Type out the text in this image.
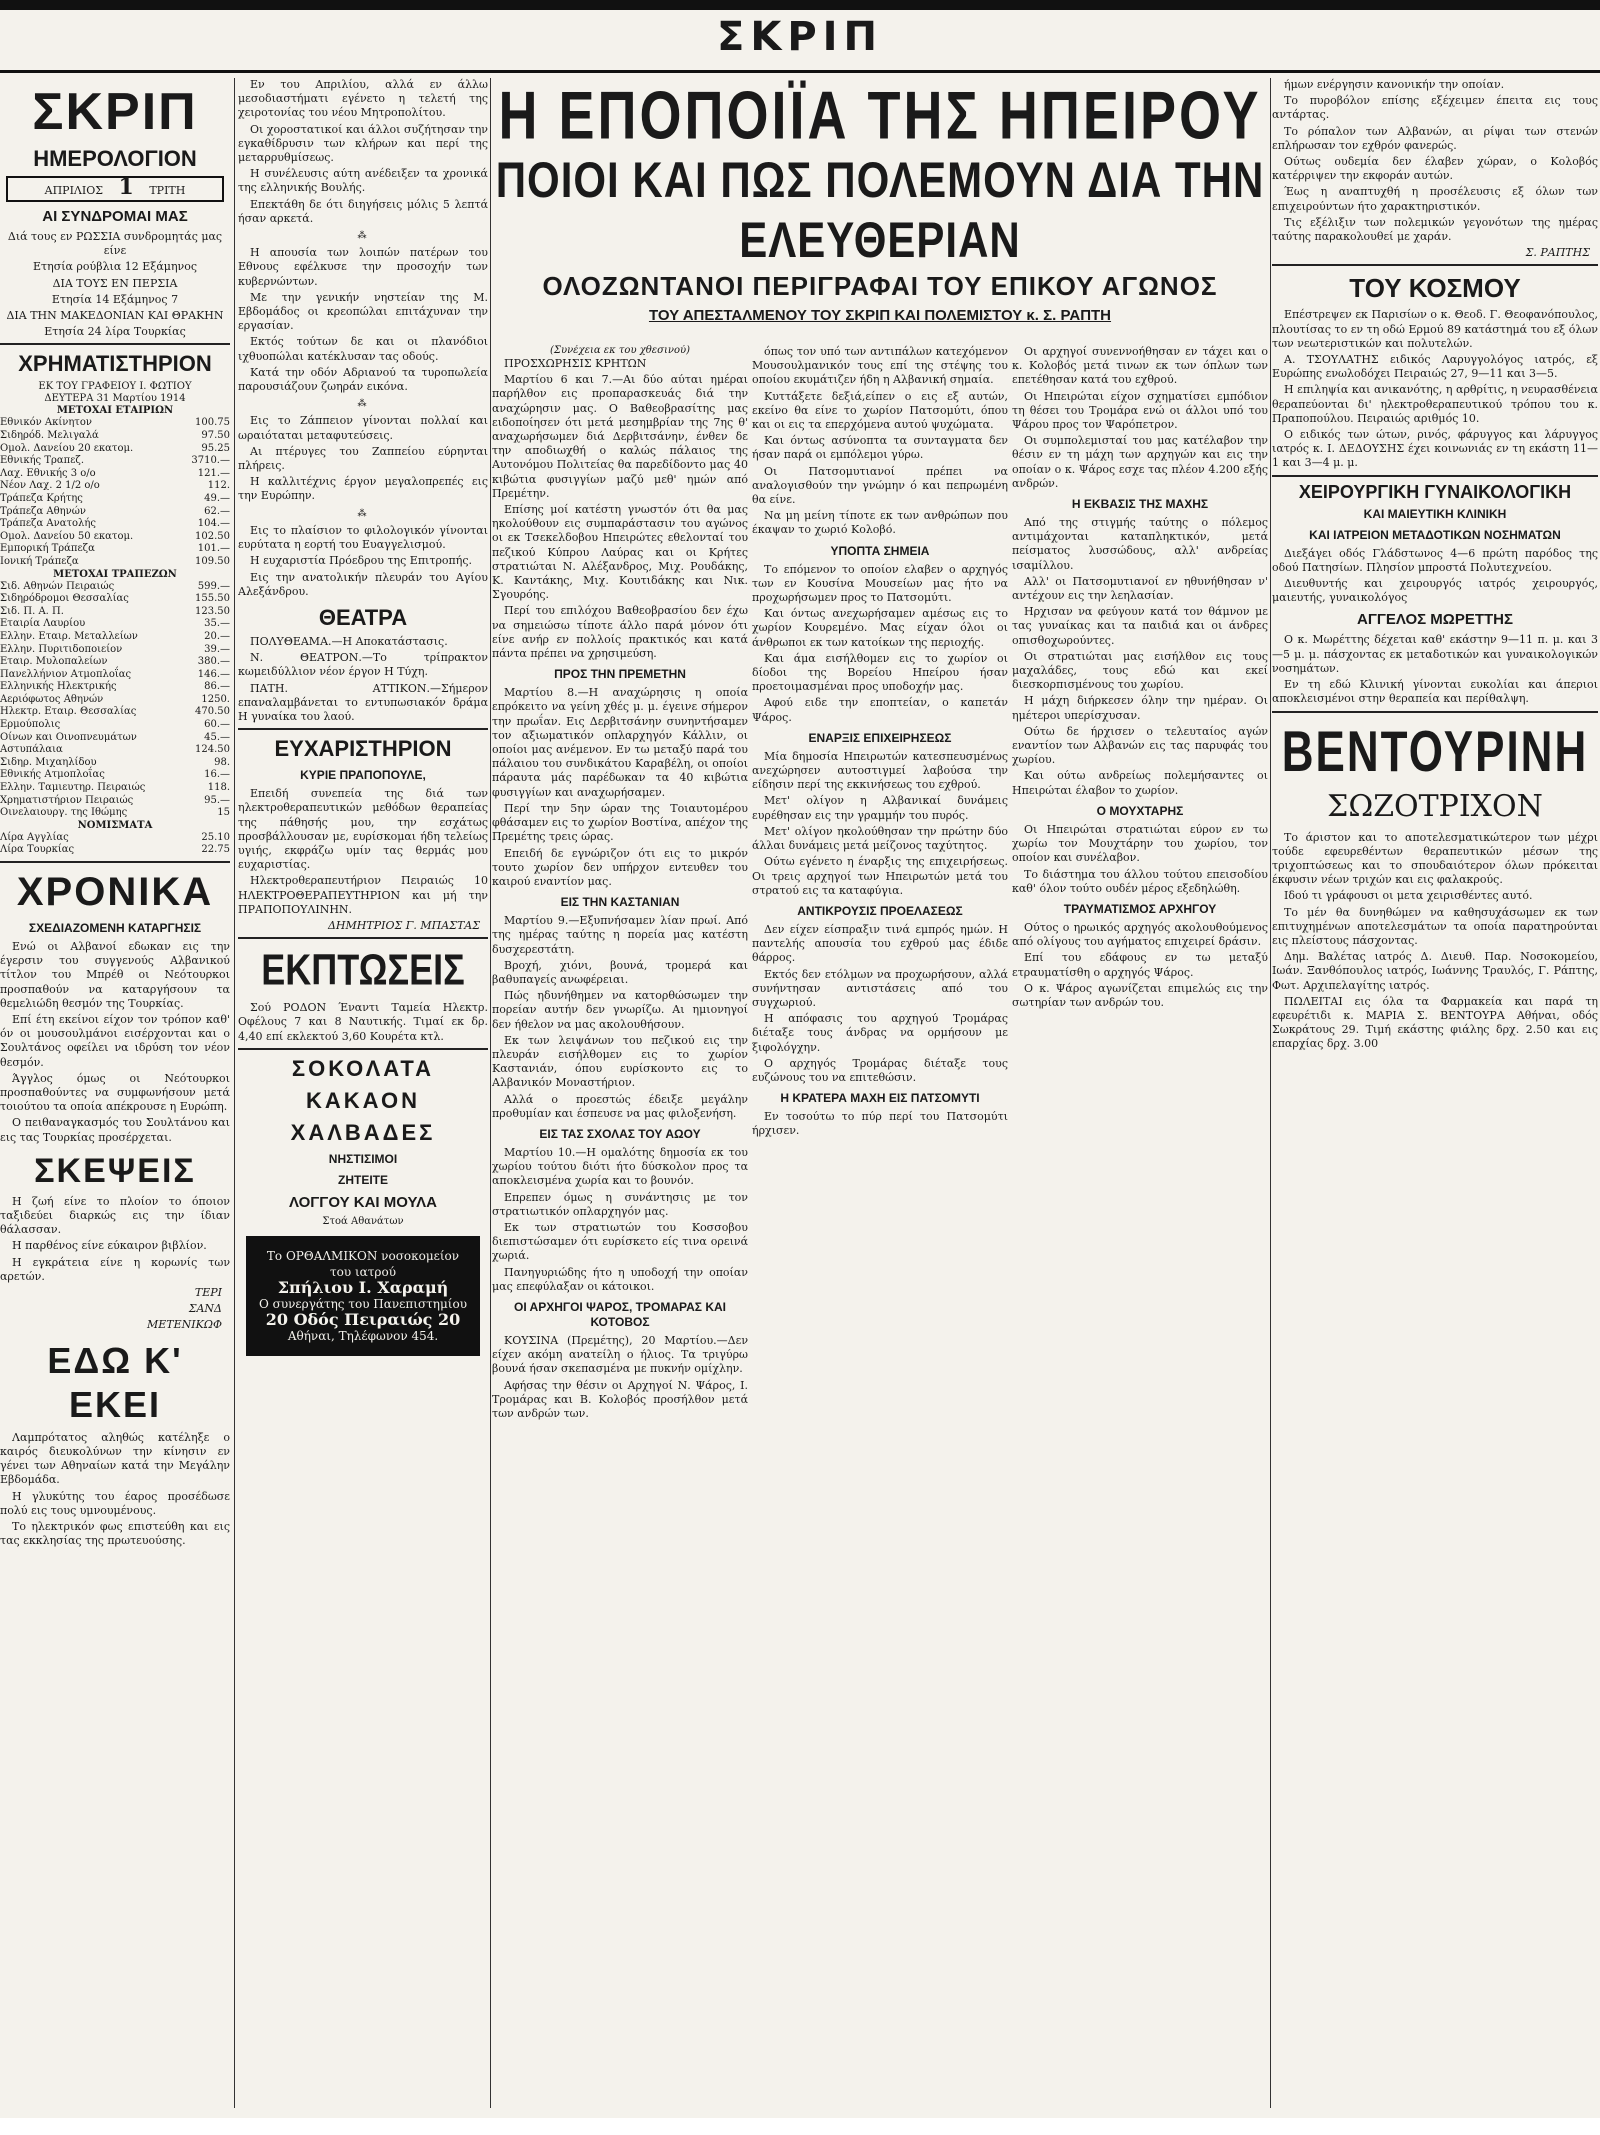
ΣΚΡΙΠ
ΣΚΡΙΠ
ΗΜΕΡΟΛΟΓΙΟΝ
ΑΠΡΙΛΙΟΣ 1 ΤΡΙΤΗ
ΑΙ ΣΥΝΔΡΟΜΑΙ ΜΑΣ

Διά τους εν ΡΩΣΣΙΑ συνδρομητάς μας είνε

Ετησία ρούβλια 12 Εξάμηνος

ΔΙΑ ΤΟΥΣ ΕΝ ΠΕΡΣΙΑ

Ετησία 14 Εξάμηνος 7

ΔΙΑ ΤΗΝ ΜΑΚΕΔΟΝΙΑΝ ΚΑΙ ΘΡΑΚΗΝ

Ετησία 24 λίρα Τουρκίας

ΧΡΗΜΑΤΙΣΤΗΡΙΟΝ
ΕΚ ΤΟΥ ΓΡΑΦΕΙΟΥ Ι. ΦΩΤΙΟΥ
ΔΕΥΤΕΡΑ 31 Μαρτίου 1914
ΜΕΤΟΧΑΙ ΕΤΑΙΡΙΩΝ
Εθνικόν Ακίνητον	100.75
Σιδηρόδ. Μελιγαλά	97.50
Ομολ. Δανείου 20 εκατομ.	95.25
Εθνικής Τραπεζ.	3710.—
Λαχ. Εθνικής 3 ο/ο	121.—
Νέον Λαχ. 2 1/2 ο/ο	112.
Τράπεζα Κρήτης	49.—
Τράπεζα Αθηνών	62.—
Τράπεζα Ανατολής	104.—
Ομολ. Δανείου 50 εκατομ.	102.50
Εμπορική Τράπεζα	101.—
Ιονική Τράπεζα	109.50
ΜΕΤΟΧΑΙ ΤΡΑΠΕΖΩΝ
Σιδ. Αθηνών Πειραιώς	599.—
Σιδηρόδρομοι Θεσσαλίας	155.50
Σιδ. Π. Α. Π.	123.50
Εταιρία Λαυρίου	35.—
Ελλην. Εταιρ. Μεταλλείων	20.—
Ελλην. Πυριτιδοποιείον	39.—
Εταιρ. Μυλοπαλείων	380.—
Πανελλήνιον Ατμοπλοΐας	146.—
Ελληνικής Ηλεκτρικής	86.—
Αεριόφωτος Αθηνών	1250.
Ηλεκτρ. Εταιρ. Θεσσαλίας	470.50
Ερμούπολις	60.—
Οίνων και Οινοπνευμάτων	45.—
Αστυπάλαια	124.50
Σιδηρ. Μιχαηλίδου	98.
Εθνικής Ατμοπλοΐας	16.—
Ελλην. Ταμιευτηρ. Πειραιώς	118.
Χρηματιστήριον Πειραιώς	95.—
Οινελαιουργ. της Ιθώμης	15
ΝΟΜΙΣΜΑΤΑ
Λίρα Αγγλίας	25.10
Λίρα Τουρκίας	22.75
ΧΡΟΝΙΚΑ
ΣΧΕΔΙΑΖΟΜΕΝΗ ΚΑΤΑΡΓΗΣΙΣ

Ενώ οι Αλβανοί εδωκαν εις την έγερσιν του συγγενούς Αλβανικού τίτλον του Μπρέθ οι Νεότουρκοι προσπαθούν να καταργήσουν τα θεμελιώδη θεσμόν της Τουρκίας.

Επί έτη εκείνοι είχον τον τρόπον καθ' όν οι μουσουλμάνοι εισέρχονται και ο Σουλτάνος οφείλει να ιδρύση τον νέον θεσμόν.

Άγγλος όμως οι Νεότουρκοι προσπαθούντες να συμφωνήσουν μετά τοιούτου τα οποία απέκρουσε η Ευρώπη.

Ο πειθαναγκασμός του Σουλτάνου και εις τας Τουρκίας προσέρχεται.

ΣΚΕΨΕΙΣ

Η ζωή είνε το πλοίον το όποιον ταξιδεύει διαρκώς εις την ίδιαν θάλασσαν.

Η παρθένος είνε εύκαιρον βιβλίον.

Η εγκράτεια είνε η κορωνίς των αρετών.

ΤΕΡΙ
ΣΑΝΔ
ΜΕΤΕΝΙΚΩΦ
ΕΔΩ Κ' ΕΚΕΙ

Λαμπρότατος αληθώς κατέληξε ο καιρός διευκολύνων την κίνησιν εν γένει των Αθηναίων κατά την Μεγάλην Εβδομάδα.

Η γλυκύτης του έαρος προσέδωσε πολύ εις τους υμνουμένους.

Το ηλεκτρικόν φως επιστεύθη και εις τας εκκλησίας της πρωτευούσης.

Εν του Απριλίου, αλλά εν άλλω μεσοδιαστήματι εγένετο η τελετή της χειροτονίας του νέου Μητροπολίτου.

Οι χοροστατικοί και άλλοι συζήτησαν την εγκαθίδρυσιν των κλήρων και περί της μεταρρυθμίσεως.

Η συνέλευσις αύτη ανέδειξεν τα χρονικά της ελληνικής Βουλής.

Επεκτάθη δε ότι διηγήσεις μόλις 5 λεπτά ήσαν αρκετά.

⁂

Η απουσία των λοιπών πατέρων του Εθνους εφέλκυσε την προσοχήν των κυβερνώντων.

Με την γενικήν νηστείαν της Μ. Εβδομάδος οι κρεοπώλαι επιτάχυναν την εργασίαν.

Εκτός τούτων δε και οι πλανόδιοι ιχθυοπώλαι κατέκλυσαν τας οδούς.

Κατά την οδόν Αδριανού τα τυροπωλεία παρουσιάζουν ζωηράν εικόνα.

⁂

Εις το Ζάππειον γίνονται πολλαί και ωραιόταται μεταφυτεύσεις.

Αι πτέρυγες του Ζαππείου εύρηνται πλήρεις.

Η καλλιτέχνις έργον μεγαλοπρεπές εις την Ευρώπην.

⁂

Εις το πλαίσιον το φιλολογικόν γίνονται ευρύτατα η εορτή του Ευαγγελισμού.

Η ευχαριστία Πρόεδρου της Επιτροπής.

Εις την ανατολικήν πλευράν του Αγίου Αλεξάνδρου.

ΘΕΑΤΡΑ

ΠΟΛΥΘΕΑΜΑ.—Η Αποκατάστασις.

Ν. ΘΕΑΤΡΟΝ.—Το τρίπρακτον κωμειδύλλιον νέον έργον Η Τύχη.

ΠΑΤΗ. ΑΤΤΙΚΟΝ.—Σήμερον επαναλαμβάνεται το εντυπωσιακόν δράμα Η γυναίκα του λαού.

ΕΥΧΑΡΙΣΤΗΡΙΟΝ
ΚΥΡΙΕ ΠΡΑΠΟΠΟΥΛΕ,

Επειδή συνεπεία της διά των ηλεκτροθεραπευτικών μεθόδων θεραπείας της πάθησής μου, την εσχάτως προσβάλλουσαν με, ευρίσκομαι ήδη τελείως υγιής, εκφράζω υμίν τας θερμάς μου ευχαριστίας.

Ηλεκτροθεραπευτήριον Πειραιώς 10 ΗΛΕΚΤΡΟΘΕΡΑΠΕΥΤΗΡΙΟΝ και μή την ΠΡΑΠΟΠΟΥΛΙΝΗΝ.

ΔΗΜΗΤΡΙΟΣ Γ. ΜΠΑΣΤΑΣ
ΕΚΠΤΩΣΕΙΣ

Σού ΡΟΔΟΝ Έναντι Ταμεία Ηλεκτρ. Οφέλους 7 και 8 Ναυτικής. Τιμαί εκ δρ. 4,40 επί εκλεκτού 3,60 Κουρέτα κτλ.

ΣΟΚΟΛΑΤΑ
ΚΑΚΑΟΝ
ΧΑΛΒΑΔΕΣ
ΝΗΣΤΙΣΙΜΟΙ
ΖΗΤΕΙΤΕ
ΛΟΓΓΟΥ ΚΑΙ ΜΟΥΛΑ
Στοά Αθανάτων
Το ΟΡΘΑΛΜΙΚΟΝ νοσοκομείον
του ιατρού
Σπήλιου Ι. Χαραμή
Ο συνεργάτης του Πανεπιστημίου
20 Οδός Πειραιώς 20
Αθήναι, Τηλέφωνον 454.
Η ΕΠΟΠΟΙΪΑ ΤΗΣ ΗΠΕΙΡΟΥ
ΠΟΙΟΙ ΚΑΙ ΠΩΣ ΠΟΛΕΜΟΥΝ ΔΙΑ ΤΗΝ ΕΛΕΥΘΕΡΙΑΝ
ΟΛΟΖΩΝΤΑΝΟΙ ΠΕΡΙΓΡΑΦΑΙ ΤΟΥ ΕΠΙΚΟΥ ΑΓΩΝΟΣ
ΤΟΥ ΑΠΕΣΤΑΛΜΕΝΟΥ ΤΟΥ ΣΚΡΙΠ ΚΑΙ ΠΟΛΕΜΙΣΤΟΥ κ. Σ. ΡΑΠΤΗ
(Συνέχεια εκ του χθεσινού)

ΠΡΟΣΧΩΡΗΣΙΣ ΚΡΗΤΩΝ

Μαρτίου 6 και 7.—Αι δύο αύται ημέραι παρήλθον εις προπαρασκευάς διά την αναχώρησιν μας. Ο Βαθεοβρασίτης μας ειδοποίησεν ότι μετά μεσημβρίαν της 7ης θ' αναχωρήσωμεν διά Δερβιτσάνην, ένθεν δε την αποδιωχθή ο καλώς πάλαιος της Αυτονόμου Πολιτείας θα παρεδίδοντο μας 40 κιβώτια φυσιγγίων μαζύ μεθ' ημών από Πρεμέτην.

Επίσης μοί κατέστη γνωστόν ότι θα μας ηκολούθουν εις συμπαράστασιν του αγώνος οι εκ Τσεκελδοβου Ηπειρώτες εθελονταί του πεζικού Κύπρου Λαύρας και οι Κρήτες στρατιώται Ν. Αλέξανδρος, Μιχ. Ρουδάκης, Κ. Καντάκης, Μιχ. Κουτιδάκης και Νικ. Σγουρόης.

Περί του επιλόχου Βαθεοβρασίου δεν έχω να σημειώσω τίποτε άλλο παρά μόνον ότι είνε ανήρ εν πολλοίς πρακτικός και κατά πάντα πρέπει να χρησιμεύση.

ΠΡΟΣ ΤΗΝ ΠΡΕΜΕΤΗΝ

Μαρτίου 8.—Η αναχώρησις η οποία επρόκειτο να γείνη χθές μ. μ. έγεινε σήμερον την πρωΐαν. Εις Δερβιτσάνην συνηντήσαμεν τον αξιωματικόν οπλαρχηγόν Κάλλιν, οι οποίοι μας ανέμενον. Εν τω μεταξύ παρά του πάλαιου του συνδικάτου Καραβέλη, οι οποίοι πάραυτα μάς παρέδωκαν τα 40 κιβώτια φυσιγγίων και αναχωρήσαμεν.

Περί την 5ην ώραν της Τοιαυτομέρου φθάσαμεν εις το χωρίον Βοστίνα, απέχον της Πρεμέτης τρεις ώρας.

Επειδή δε εγνώριζον ότι εις το μικρόν τουτο χωρίον δεν υπήρχον εντευθεν του καιρού εναντίον μας.

ΕΙΣ ΤΗΝ ΚΑΣΤΑΝΙΑΝ

Μαρτίου 9.—Εξυπνήσαμεν λίαν πρωί. Από της ημέρας ταύτης η πορεία μας κατέστη δυσχερεστάτη.

Βροχή, χιόνι, βουνά, τρομερά και βαθυπαγείς ανωφέρειαι.

Πώς ηδυνήθημεν να κατορθώσωμεν την πορείαν αυτήν δεν γνωρίζω. Αι ημιονηγοί δεν ήθελον να μας ακολουθήσουν.

Εκ των λειψάνων του πεζικού εις την πλευράν εισήλθομεν εις το χωρίον Καστανιάν, όπου ευρίσκοντο εις το Αλβανικόν Μοναστήριον.

Αλλά ο προεστώς έδειξε μεγάλην προθυμίαν και έσπευσε να μας φιλοξενήση.

ΕΙΣ ΤΑΣ ΣΧΟΛΑΣ ΤΟΥ ΑΩΟΥ

Μαρτίου 10.—Η ομαλότης δημοσία εκ του χωρίου τούτου διότι ήτο δύσκολον προς τα αποκλεισμένα χωρία και το βουνόν.

Επρεπεν όμως η συνάντησις με τον στρατιωτικόν οπλαρχηγόν μας.

Εκ των στρατιωτών του Κοσσοβου διεπιστώσαμεν ότι ευρίσκετο είς τινα ορεινά χωριά.

Πανηγυριώδης ήτο η υποδοχή την οποίαν μας επεφύλαξαν οι κάτοικοι.

ΟΙ ΑΡΧΗΓΟΙ ΨΑΡΟΣ, ΤΡΟΜΑΡΑΣ ΚΑΙ ΚΟΤΟΒΟΣ

ΚΟΥΣΙΝΑ (Πρεμέτης), 20 Μαρτίου.—Δεν είχεν ακόμη ανατείλη ο ήλιος. Τα τριγύρω βουνά ήσαν σκεπασμένα με πυκνήν ομίχλην.

Αφήσας την θέσιν οι Αρχηγοί Ν. Ψάρος, Ι. Τρομάρας και Β. Κολοβός προσήλθον μετά των ανδρών των.

όπως τον υπό των αντιπάλων κατεχόμενον Μουσουλμανικόν τους επί της στέψης του οποίου εκυμάτιζεν ήδη η Αλβανική σημαία.

Κυττάξετε δεξιά,είπεν ο εις εξ αυτών, εκείνο θα είνε το χωρίον Πατσομύτι, όπου και οι εις τα επερχόμενα αυτού ψυχώματα.

Και όντως ασύνοπτα τα συνταγματα δεν ήσαν παρά οι εμπόλεμοι γύρω.

Οι Πατσομυτιανοί πρέπει να αναλογισθούν την γνώμην ό και πεπρωμένη θα είνε.

Να μη μείνη τίποτε εκ των ανθρώπων που έκαψαν το χωριό Κολοβό.

ΥΠΟΠΤΑ ΣΗΜΕΙΑ

Το επόμενον το οποίον ελαβεν ο αρχηγός των εν Κουσίνα Μουσείων μας ήτο να προχωρήσωμεν προς το Πατσομύτι.

Και όντως ανεχωρήσαμεν αμέσως εις το χωρίον Κουρεμένο. Μας είχαν όλοι οι άνθρωποι εκ των κατοίκων της περιοχής.

Και άμα εισήλθομεν εις το χωρίον οι δίοδοι της Βορείου Ηπείρου ήσαν προετοιμασμέναι προς υποδοχήν μας.

Αφού ειδε την εποπτείαν, ο καπετάν Ψάρος.

ΕΝΑΡΞΙΣ ΕΠΙΧΕΙΡΗΣΕΩΣ

Μία δημοσία Ηπειρωτών κατεσπευσμένως ανεχώρησεν αυτοστιγμεί λαβούσα την είδησιν περί της εκκινήσεως του εχθρού.

Μετ' ολίγον η Αλβανικαί δυνάμεις ευρέθησαν εις την γραμμήν του πυρός.

Μετ' ολίγον ηκολούθησαν την πρώτην δύο άλλαι δυνάμεις μετά μείζονος ταχύτητος.

Ούτω εγένετο η έναρξις της επιχειρήσεως. Οι τρεις αρχηγοί των Ηπειρωτών μετά του στρατού εις τα καταφύγια.

ΑΝΤΙΚΡΟΥΣΙΣ ΠΡΟΕΛΑΣΕΩΣ

Δεν είχεν είσπραξιν τινά εμπρός ημών. Η παντελής απουσία του εχθρού μας έδιδε θάρρος.

Εκτός δεν ετόλμων να προχωρήσουν, αλλά συνήντησαν αντιστάσεις από του συγχωριού.

Η απόφασις του αρχηγού Τρομάρας διέταξε τους άνδρας να ορμήσουν με ξιφολόγχην.

Ο αρχηγός Τρομάρας διέταξε τους ευζώνους του να επιτεθώσιν.

Η ΚΡΑΤΕΡΑ ΜΑΧΗ ΕΙΣ ΠΑΤΣΟΜΥΤΙ

Εν τοσούτω το πύρ περί του Πατσομύτι ήρχισεν.

Οι αρχηγοί συνεννοήθησαν εν τάχει και ο κ. Κολοβός μετά τινων εκ των όπλων των επετέθησαν κατά του εχθρού.

Οι Ηπειρώται είχον σχηματίσει εμπόδιον τη θέσει του Τρομάρα ενώ οι άλλοι υπό του Ψάρου προς τον Ψαρόπετρον.

Οι συμπολεμισταί του μας κατέλαβον την θέσιν εν τη μάχη των αρχηγών και εις την οποίαν ο κ. Ψάρος εσχε τας πλέον 4.200 εξής ανδρών.

Η ΕΚΒΑΣΙΣ ΤΗΣ ΜΑΧΗΣ

Από της στιγμής ταύτης ο πόλεμος αντιμάχονται καταπληκτικόν, μετά πείσματος λυσσώδους, αλλ' ανδρείας ισαμίλλου.

Αλλ' οι Πατσομυτιανοί εν ηθυνήθησαν ν' αντέχουν εις την λεηλασίαν.

Ηρχισαν να φεύγουν κατά τον θάμνον με τας γυναίκας και τα παιδιά και οι άνδρες οπισθοχωρούντες.

Οι στρατιώται μας εισήλθον εις τους μαχαλάδες, τους εδώ και εκεί διεσκορπισμένους του χωρίου.

Η μάχη διήρκεσεν όλην την ημέραν. Οι ημέτεροι υπερίσχυσαν.

Ούτω δε ήρχισεν ο τελευταίος αγών εναντίον των Αλβανών εις τας παρυφάς του χωρίου.

Και ούτω ανδρείως πολεμήσαντες οι Ηπειρώται έλαβον το χωρίον.

Ο ΜΟΥΧΤΑΡΗΣ

Οι Ηπειρώται στρατιώται εύρον εν τω χωρίω τον Μουχτάρην του χωρίου, τον οποίον και συνέλαβον.

Το διάστημα του άλλου τούτου επεισοδίου καθ' όλον τούτο ουδέν μέρος εξεδηλώθη.

ΤΡΑΥΜΑΤΙΣΜΟΣ ΑΡΧΗΓΟΥ

Ούτος ο ηρωικός αρχηγός ακολουθούμενος από ολίγους του αγήματος επιχειρεί δράσιν.

Επί του εδάφους εν τω μεταξύ ετραυματίσθη ο αρχηγός Ψάρος.

Ο κ. Ψάρος αγωνίζεται επιμελώς εις την σωτηρίαν των ανδρών του.

ήμων ενέργησιν κανονικήν την οποίαν.

Το πυροβόλον επίσης εξέχειμεν έπειτα εις τους αντάρτας.

Το ρόπαλον των Αλβανών, αι ρίψαι των στενών επλήρωσαν τον εχθρόν φανερώς.

Ούτως ουδεμία δεν έλαβεν χώραν, ο Κολοβός κατέρριψεν την εκφοράν αυτών.

Έως η αναπτυχθή η προσέλευσις εξ όλων των επιχειρούντων ήτο χαρακτηριστικόν.

Τις εξέλιξιν των πολεμικών γεγονότων της ημέρας ταύτης παρακολουθεί με χαράν.

Σ. ΡΑΠΤΗΣ
ΤΟΥ ΚΟΣΜΟΥ

Επέστρεψεν εκ Παρισίων ο κ. Θεοδ. Γ. Θεοφανόπουλος, πλουτίσας το εν τη οδώ Ερμού 89 κατάστημά του εξ όλων των νεωτεριστικών και πολυτελών.

Α. ΤΣΟΥΛΑΤΗΣ ειδικός Λαρυγγολόγος ιατρός, εξ Ευρώπης ενωλοδόχει Πειραιώς 27, 9—11 και 3—5.

Η επιληψία και ανικανότης, η αρθρίτις, η νευρασθένεια θεραπεύονται δι' ηλεκτροθεραπευτικού τρόπου του κ. Πραποπούλου. Πειραιώς αριθμός 10.

Ο ειδικός των ώτων, ρινός, φάρυγγος και λάρυγγος ιατρός κ. Ι. ΔΕΔΟΥΣΗΣ έχει κοινωνιάς εν τη εκάστη 11—1 και 3—4 μ. μ.

ΧΕΙΡΟΥΡΓΙΚΗ ΓΥΝΑΙΚΟΛΟΓΙΚΗ
ΚΑΙ ΜΑΙΕΥΤΙΚΗ ΚΛΙΝΙΚΗ
ΚΑΙ ΙΑΤΡΕΙΟΝ ΜΕΤΑΔΟΤΙΚΩΝ ΝΟΣΗΜΑΤΩΝ

Διεξάγει οδός Γλάδστωνος 4—6 πρώτη παρόδος της οδού Πατησίων. Πλησίον μπροστά Πολυτεχνείου.

Διευθυντής και χειρουργός ιατρός χειρουργός, μαιευτής, γυναικολόγος

ΑΓΓΕΛΟΣ ΜΩΡΕΤΤΗΣ

Ο κ. Μωρέττης δέχεται καθ' εκάστην 9—11 π. μ. και 3—5 μ. μ. πάσχοντας εκ μεταδοτικών και γυναικολογικών νοσημάτων.

Εν τη εδώ Κλινική γίνονται ευκολίαι και άπεριοι αποκλεισμένοι στην θεραπεία και περίθαλψη.

ΒΕΝΤΟΥΡΙΝΗ
ΣΩΖΟΤΡΙΧΟΝ

Το άριστον και το αποτελεσματικώτερον των μέχρι τούδε εφευρεθέντων θεραπευτικών μέσων της τριχοπτώσεως και το σπουδαιότερον όλων πρόκειται έκφυσιν νέων τριχών και εις φαλακρούς.

Ιδού τι γράφουσι οι μετα χειρισθέντες αυτό.

Το μέν θα δυνηθώμεν να καθησυχάσωμεν εκ των επιτυχημένων αποτελεσμάτων τα οποία παρατηρούνται εις πλείστους πάσχοντας.

Δημ. Βαλέτας ιατρός Δ. Διευθ. Παρ. Νοσοκομείου, Ιωάν. Ξανθόπουλος ιατρός, Ιωάννης Τραυλός, Γ. Ράπτης, Φωτ. Αρχιπελαγίτης ιατρός.

ΠΩΛΕΙΤΑΙ εις όλα τα Φαρμακεία και παρά τη εφευρέτιδι κ. ΜΑΡΙΑ Σ. ΒΕΝΤΟΥΡΑ Αθήναι, οδός Σωκράτους 29. Τιμή εκάστης φιάλης δρχ. 2.50 και εις επαρχίας δρχ. 3.00
